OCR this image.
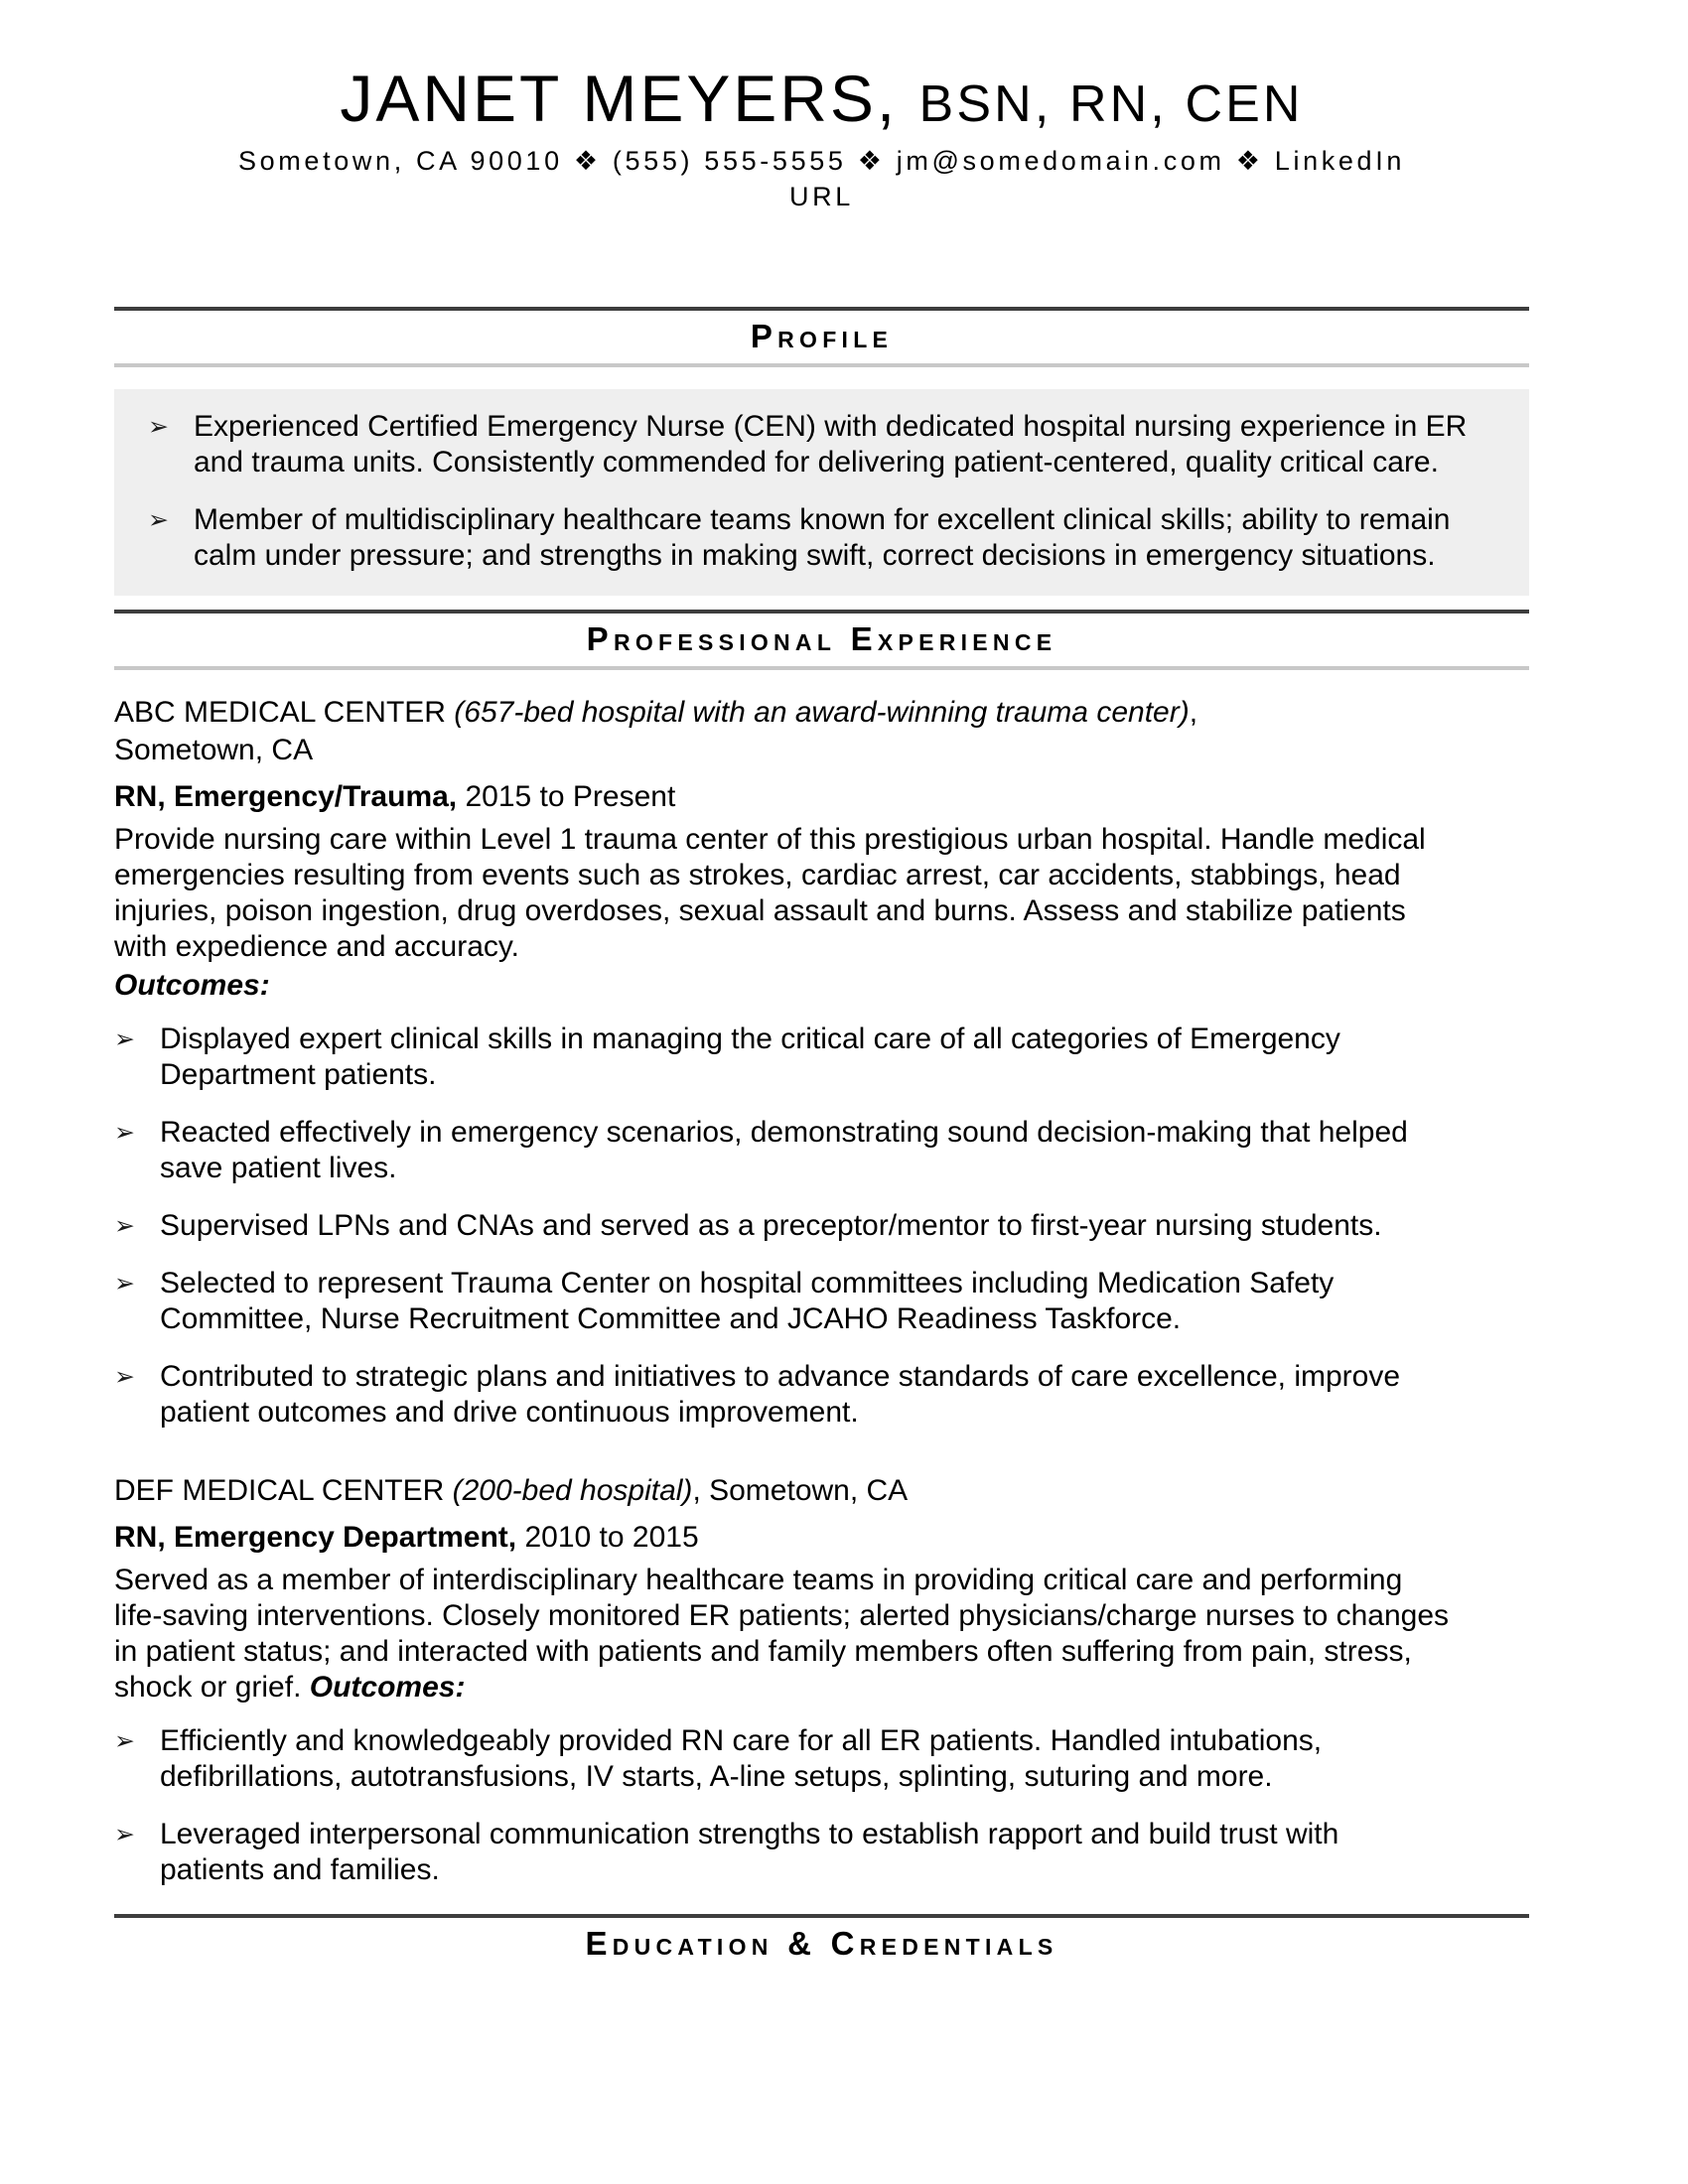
JANET MEYERS, BSN, RN, CEN
Sometown, CA 90010 ❖ (555) 555-5555 ❖ jm@somedomain.com ❖ LinkedIn
URL
Profile
➢ Experienced Certified Emergency Nurse (CEN) with dedicated hospital nursing experience in ER and trauma units. Consistently commended for delivering patient-centered, quality critical care.
➢ Member of multidisciplinary healthcare teams known for excellent clinical skills; ability to remain calm under pressure; and strengths in making swift, correct decisions in emergency situations.
Professional Experience

ABC MEDICAL CENTER (657-bed hospital with an award-winning trauma center),
Sometown, CA

RN, Emergency/Trauma, 2015 to Present

Provide nursing care within Level 1 trauma center of this prestigious urban hospital. Handle medical emergencies resulting from events such as strokes, cardiac arrest, car accidents, stabbings, head injuries, poison ingestion, drug overdoses, sexual assault and burns. Assess and stabilize patients with expedience and accuracy.

Outcomes:

➢ Displayed expert clinical skills in managing the critical care of all categories of Emergency Department patients.
➢ Reacted effectively in emergency scenarios, demonstrating sound decision-making that helped save patient lives.
➢ Supervised LPNs and CNAs and served as a preceptor/mentor to first-year nursing students.
➢ Selected to represent Trauma Center on hospital committees including Medication Safety Committee, Nurse Recruitment Committee and JCAHO Readiness Taskforce.
➢ Contributed to strategic plans and initiatives to advance standards of care excellence, improve patient outcomes and drive continuous improvement.

DEF MEDICAL CENTER (200-bed hospital), Sometown, CA

RN, Emergency Department, 2010 to 2015

Served as a member of interdisciplinary healthcare teams in providing critical care and performing life-saving interventions. Closely monitored ER patients; alerted physicians/charge nurses to changes in patient status; and interacted with patients and family members often suffering from pain, stress, shock or grief. Outcomes:

➢ Efficiently and knowledgeably provided RN care for all ER patients. Handled intubations, defibrillations, autotransfusions, IV starts, A-line setups, splinting, suturing and more.
➢ Leveraged interpersonal communication strengths to establish rapport and build trust with patients and families.
Education & Credentials
